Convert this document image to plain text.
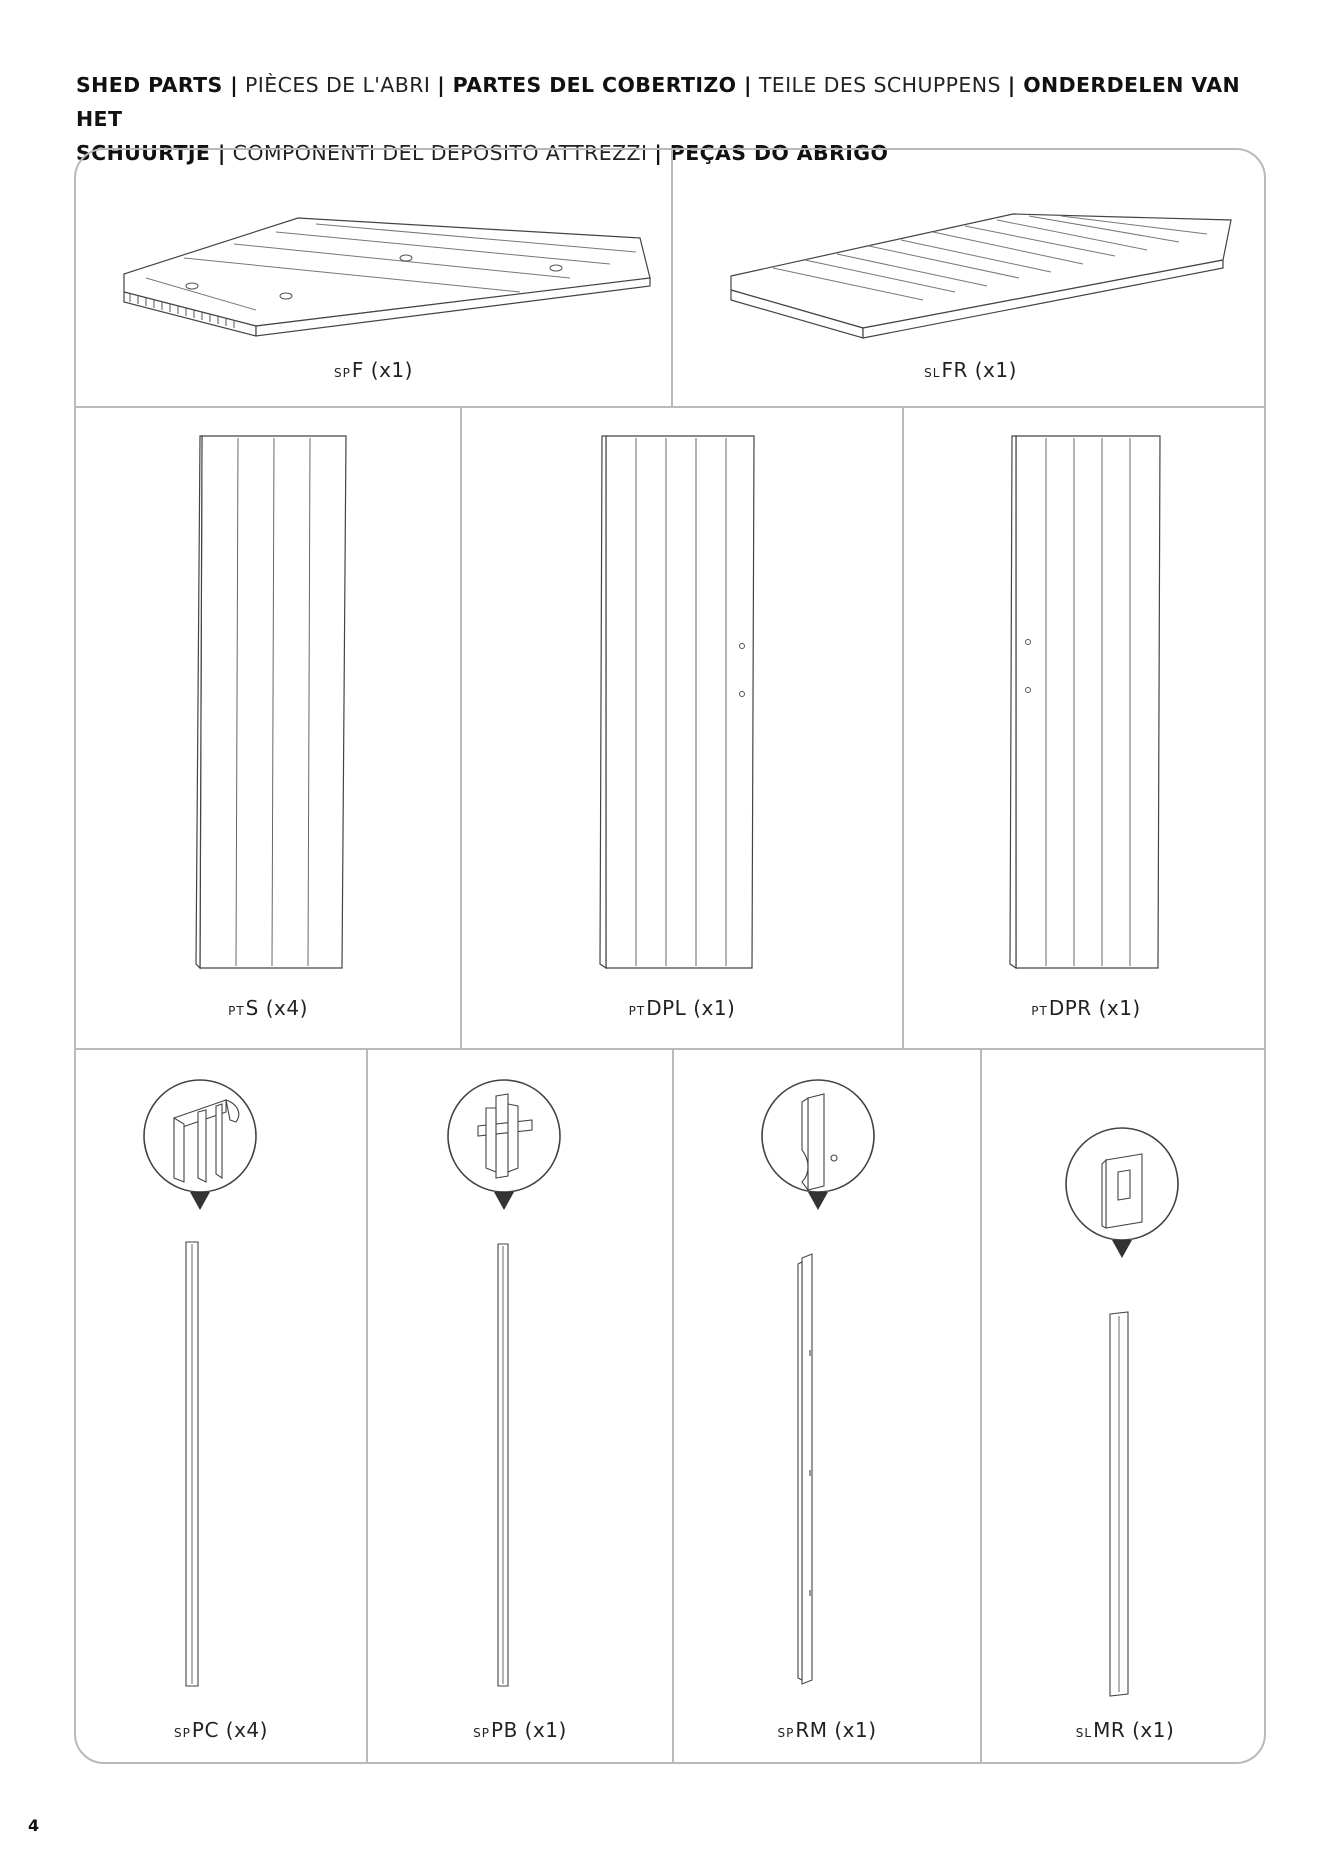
SHED PARTS | PIÈCES DE L'ABRI | PARTES DEL COBERTIZO | TEILE DES SCHUPPENS | ONDERDELEN VAN HET
SCHUURTJE | COMPONENTI DEL DEPOSITO ATTREZZI | PEÇAS DO ABRIGO
SPF (x1)	SLFR (x1)
PTS (x4)	PTDPL (x1)	PTDPR (x1)
SPPC (x4)	SPPB (x1)	SPRM (x1)	SLMR (x1)
4
